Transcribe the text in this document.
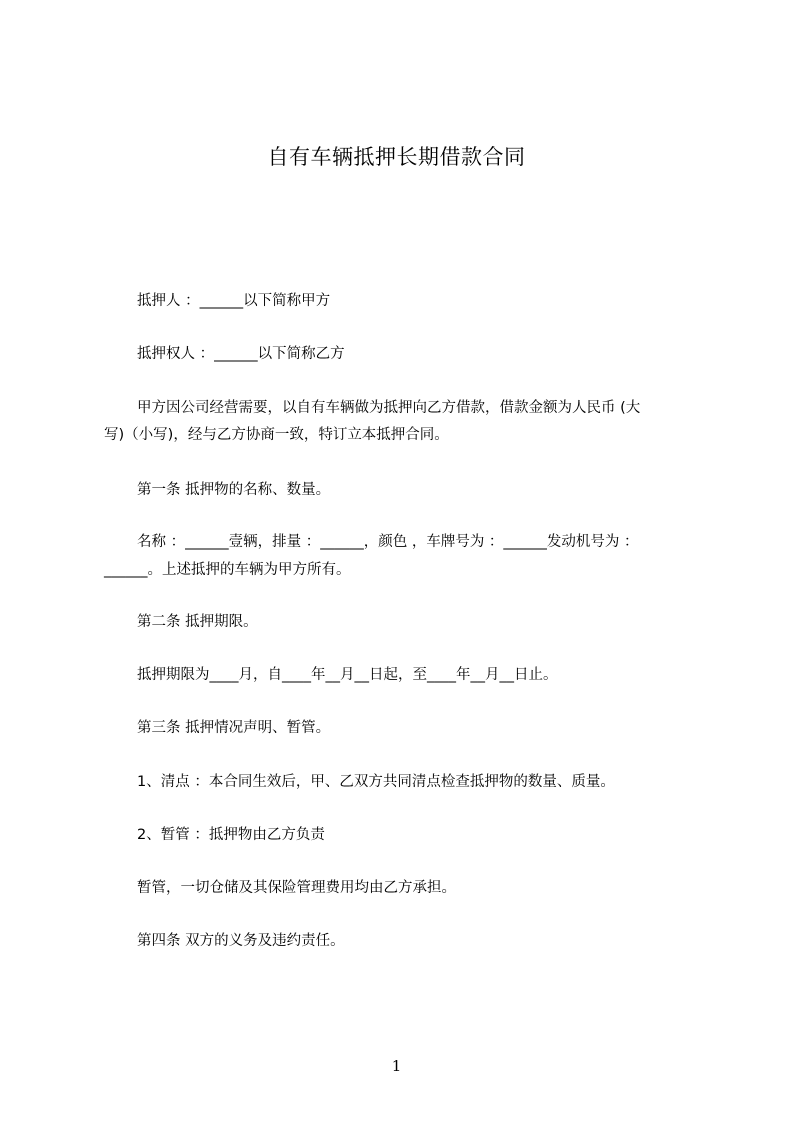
自有车辆抵押长期借款合同
抵押人 ：______以下简称甲方
抵押权人 ：______以下简称乙方
甲方因公司经营需要，以自有车辆做为抵押向乙方借款，借款金额为人民币 (大
写)（小写)，经与乙方协商一致，特订立本抵押合同。
第一条 抵押物的名称、数量。
名称 ：______壹辆，排量 ：______，颜色 ，车牌号为 ：______发动机号为 ：
______。上述抵押的车辆为甲方所有。
第二条 抵押期限。
抵押期限为____月，自____年__月__日起，至____年__月__日止。
第三条 抵押情况声明、暂管。
1、清点 ：本合同生效后，甲、乙双方共同清点检查抵押物的数量、质量。
2、暂管 ：抵押物由乙方负责
暂管，一切仓储及其保险管理费用均由乙方承担。
第四条 双方的义务及违约责任。
1
